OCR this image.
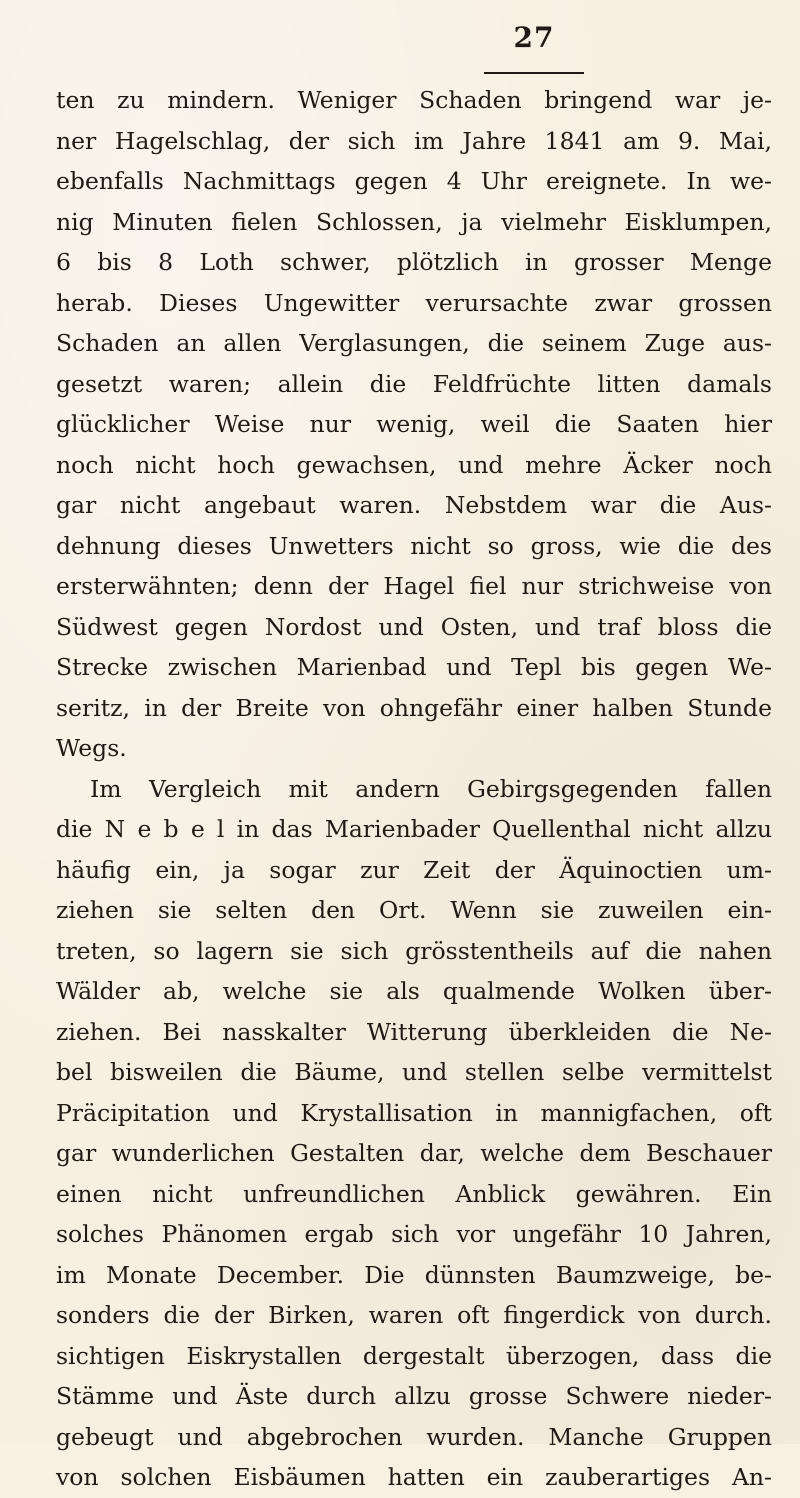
27
ten zu mindern. Weniger Schaden bringend war je-
ner Hagelschlag, der sich im Jahre 1841 am 9. Mai,
ebenfalls Nachmittags gegen 4 Uhr ereignete. In we-
nig Minuten fielen Schlossen, ja vielmehr Eisklumpen,
6 bis 8 Loth schwer, plötzlich in grosser Menge
herab. Dieses Ungewitter verursachte zwar grossen
Schaden an allen Verglasungen, die seinem Zuge aus-
gesetzt waren; allein die Feldfrüchte litten damals
glücklicher Weise nur wenig, weil die Saaten hier
noch nicht hoch gewachsen, und mehre Äcker noch
gar nicht angebaut waren. Nebstdem war die Aus-
dehnung dieses Unwetters nicht so gross, wie die des
ersterwähnten; denn der Hagel fiel nur strichweise von
Südwest gegen Nordost und Osten, und traf bloss die
Strecke zwischen Marienbad und Tepl bis gegen We-
seritz, in der Breite von ohngefähr einer halben Stunde
Wegs.
Im Vergleich mit andern Gebirgsgegenden fallen
die N e b e l in das Marienbader Quellenthal nicht allzu
häufig ein, ja sogar zur Zeit der Äquinoctien um-
ziehen sie selten den Ort. Wenn sie zuweilen ein-
treten, so lagern sie sich grösstentheils auf die nahen
Wälder ab, welche sie als qualmende Wolken über-
ziehen. Bei nasskalter Witterung überkleiden die Ne-
bel bisweilen die Bäume, und stellen selbe vermittelst
Präcipitation und Krystallisation in mannigfachen, oft
gar wunderlichen Gestalten dar, welche dem Beschauer
einen nicht unfreundlichen Anblick gewähren. Ein
solches Phänomen ergab sich vor ungefähr 10 Jahren,
im Monate December. Die dünnsten Baumzweige, be-
sonders die der Birken, waren oft fingerdick von durch.
sichtigen Eiskrystallen dergestalt überzogen, dass die
Stämme und Äste durch allzu grosse Schwere nieder-
gebeugt und abgebrochen wurden. Manche Gruppen
von solchen Eisbäumen hatten ein zauberartiges An-
